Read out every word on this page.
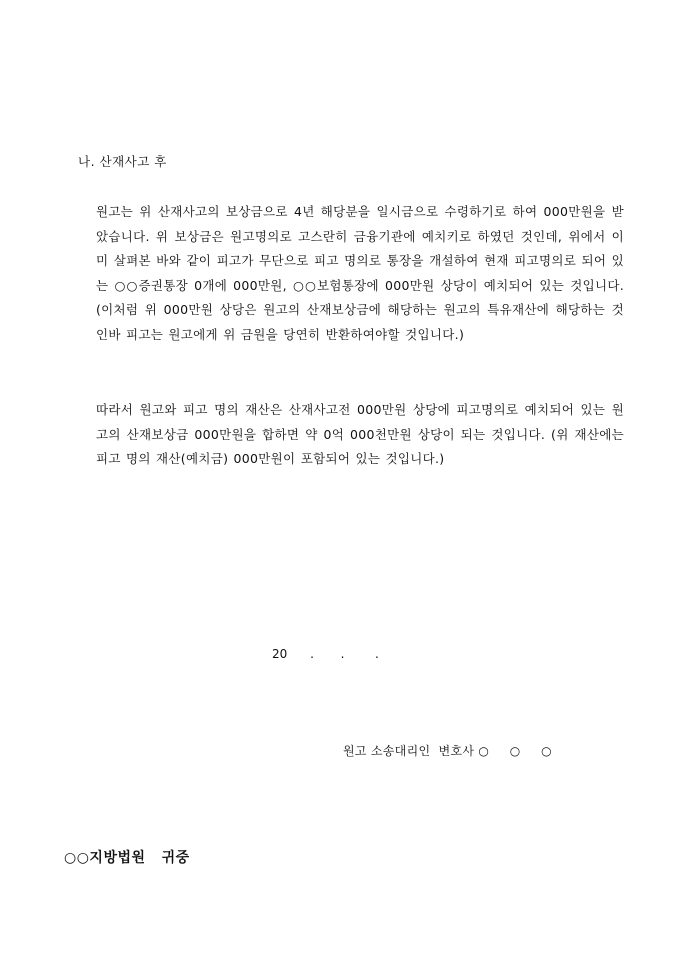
나. 산재사고 후
원고는 위 산재사고의 보상금으로 4년 해당분을 일시금으로 수령하기로 하여 000만원을 받았습니다. 위 보상금은 원고명의로 고스란히 금융기관에 예치키로 하였던 것인데, 위에서 이미 살펴본 바와 같이 피고가 무단으로 피고 명의로 통장을 개설하여 현재 피고명의로 되어 있는 ○○증권통장 0개에 000만원, ○○보험통장에 000만원 상당이 예치되어 있는 것입니다. (이처럼 위 000만원 상당은 원고의 산재보상금에 해당하는 원고의 특유재산에 해당하는 것인바 피고는 원고에게 위 금원을 당연히 반환하여야할 것입니다.)
따라서 원고와 피고 명의 재산은 산재사고전 000만원 상당에 피고명의로 예치되어 있는 원고의 산재보상금 000만원을 합하면 약 0억 000천만원 상당이 되는 것입니다. (위 재산에는 피고 명의 재산(예치금) 000만원이 포함되어 있는 것입니다.)
20      .       .        .
원고 소송대리인  변호사 ○     ○     ○
○○지방법원   귀중
